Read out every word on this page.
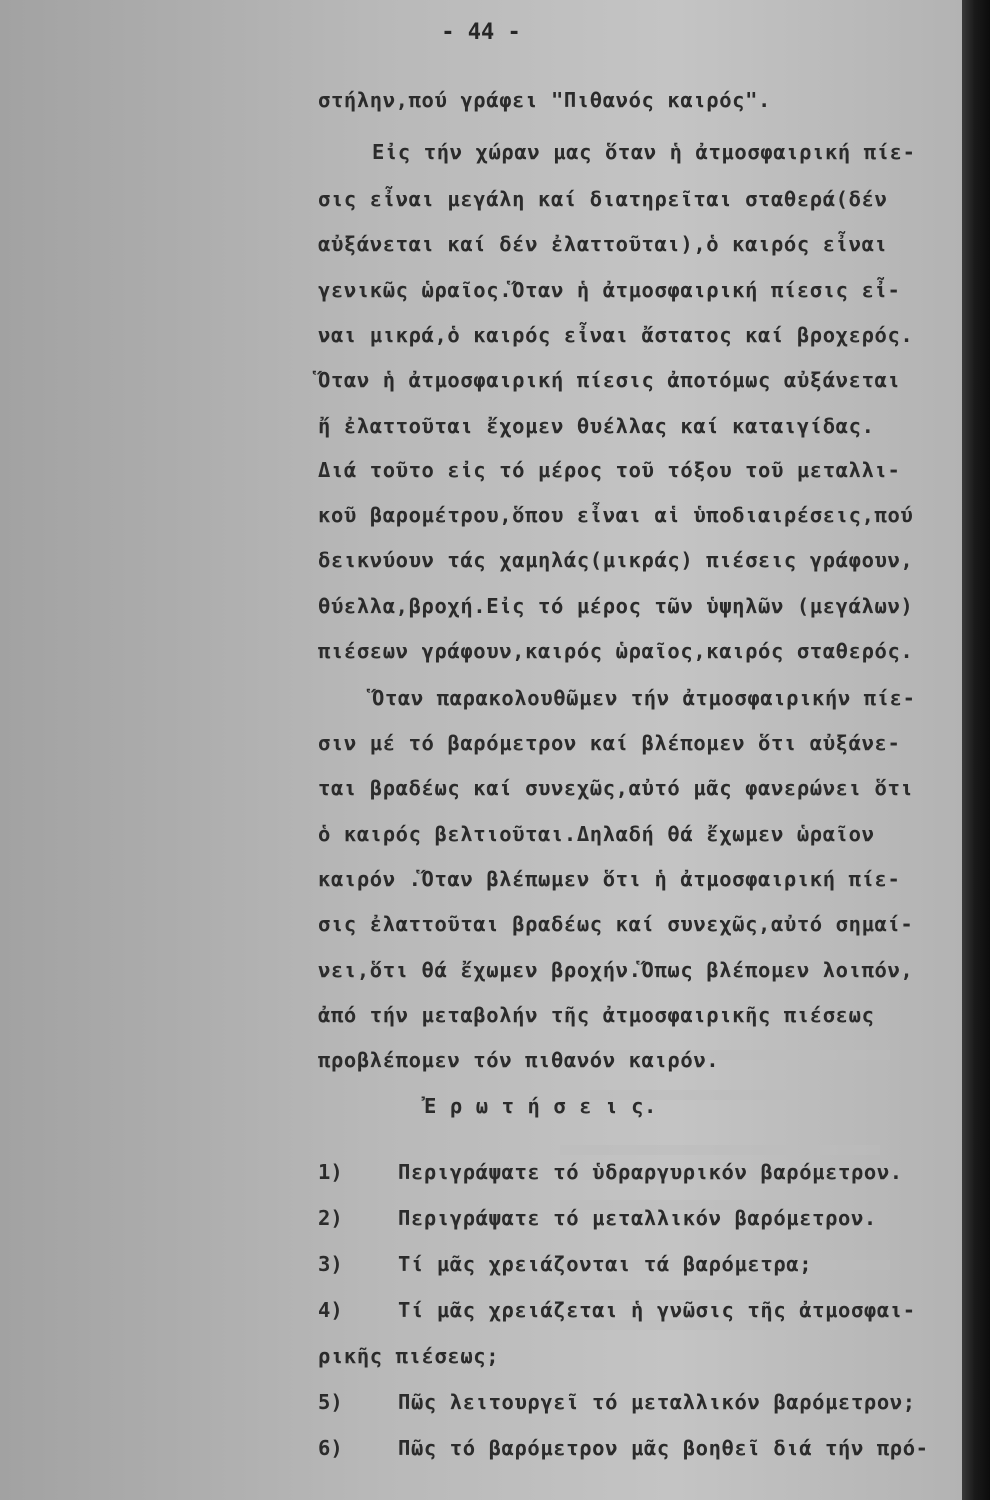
- 44 -
στήλην,πού γράφει "Πιθανός καιρός".
Εἰς τήν χώραν μας ὅταν ἡ ἀτμοσφαιρική πίε-
σις εἶναι μεγάλη καί διατηρεῖται σταθερά(δέν
αὐξάνεται καί δέν ἐλαττοῦται),ὁ καιρός εἶναι
γενικῶς ὡραῖος.Ὅταν ἡ ἀτμοσφαιρική πίεσις εἶ-
ναι μικρά,ὁ καιρός εἶναι ἄστατος καί βροχερός.
Ὅταν ἡ ἀτμοσφαιρική πίεσις ἀποτόμως αὐξάνεται
ἤ ἐλαττοῦται ἔχομεν θυέλλας καί καταιγίδας.
Διά τοῦτο εἰς τό μέρος τοῦ τόξου τοῦ μεταλλι-
κοῦ βαρομέτρου,ὅπου εἶναι αἱ ὑποδιαιρέσεις,πού
δεικνύουν τάς χαμηλάς(μικράς) πιέσεις γράφουν,
θύελλα,βροχή.Εἰς τό μέρος τῶν ὑψηλῶν (μεγάλων)
πιέσεων γράφουν,καιρός ὡραῖος,καιρός σταθερός.
Ὅταν παρακολουθῶμεν τήν ἀτμοσφαιρικήν πίε-
σιν μέ τό βαρόμετρον καί βλέπομεν ὅτι αὐξάνε-
ται βραδέως καί συνεχῶς,αὐτό μᾶς φανερώνει ὅτι
ὁ καιρός βελτιοῦται.Δηλαδή θά ἔχωμεν ὡραῖον
καιρόν .Ὅταν βλέπωμεν ὅτι ἡ ἀτμοσφαιρική πίε-
σις ἐλαττοῦται βραδέως καί συνεχῶς,αὐτό σημαί-
νει,ὅτι θά ἔχωμεν βροχήν.Ὅπως βλέπομεν λοιπόν,
ἀπό τήν μεταβολήν τῆς ἀτμοσφαιρικῆς πιέσεως
προβλέπομεν τόν πιθανόν καιρόν.
Ἐ ρ ω τ ή σ ε ι ς.
1)	Περιγράψατε τό ὑδραργυρικόν βαρόμετρον.
2)	Περιγράψατε τό μεταλλικόν βαρόμετρον.
3)	Τί μᾶς χρειάζονται τά βαρόμετρα;
4)	Τί μᾶς χρειάζεται ἡ γνῶσις τῆς ἀτμοσφαι-
ρικῆς πιέσεως;
5)	Πῶς λειτουργεῖ τό μεταλλικόν βαρόμετρον;
6)	Πῶς τό βαρόμετρον μᾶς βοηθεῖ διά τήν πρό-
